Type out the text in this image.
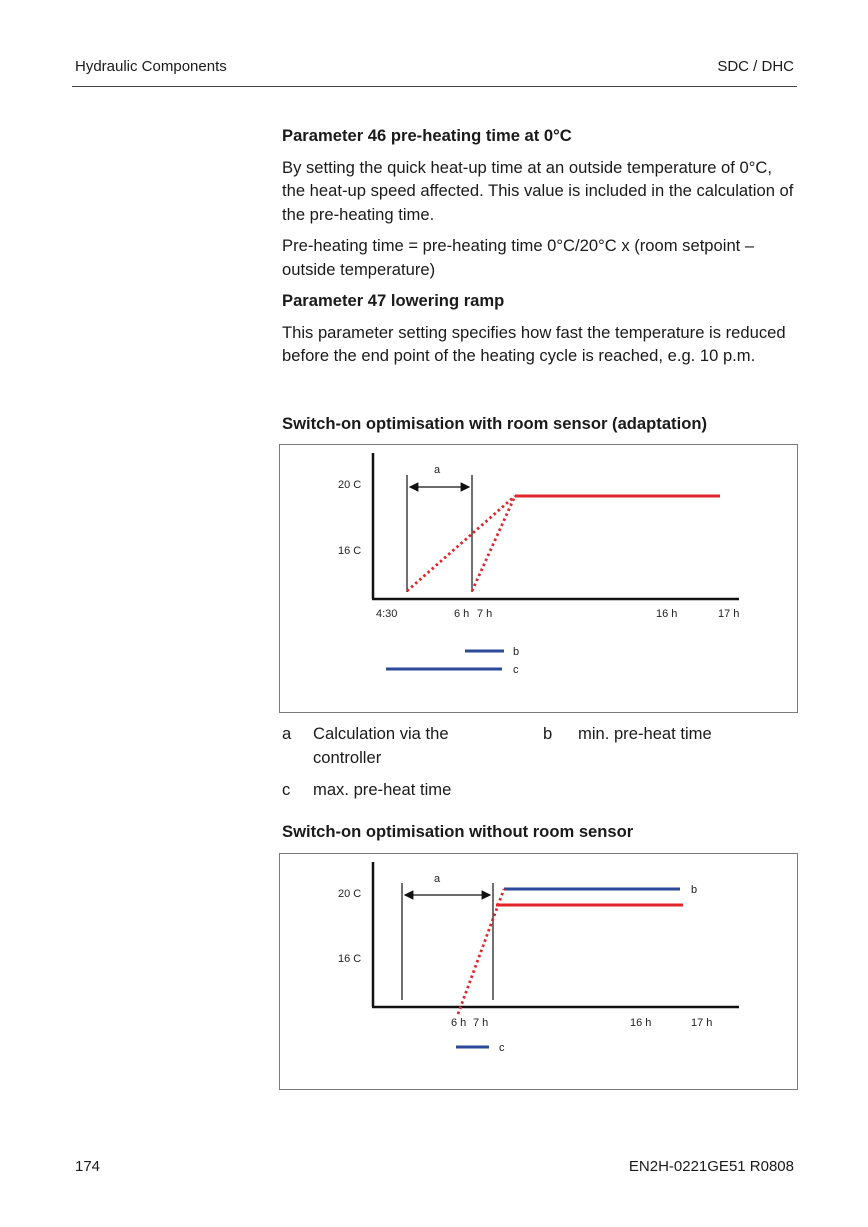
Hydraulic Components	SDC / DHC

Parameter 46 pre-heating time at 0°C

By setting the quick heat-up time at an outside temperature of 0°C, the heat-up speed affected. This value is included in the calculation of the pre-heating time.

Pre-heating time = pre-heating time 0°C/20°C x (room setpoint – outside temperature)

Parameter 47 lowering ramp

This parameter setting specifies how fast the temperature is reduced before the end point of the heating cycle is reached, e.g. 10 p.m.

Switch-on optimisation with room sensor (adaptation)
20 C
16 C
a
4:30	6 h 7 h	16 h	17 h
b
c
a Calculation via the controller
b min. pre-heat time
c max. pre-heat time
Switch-on optimisation without room sensor
20 C
16 C
a
b
6 h 7 h	16 h	17 h
c
174	EN2H-0221GE51 R0808
